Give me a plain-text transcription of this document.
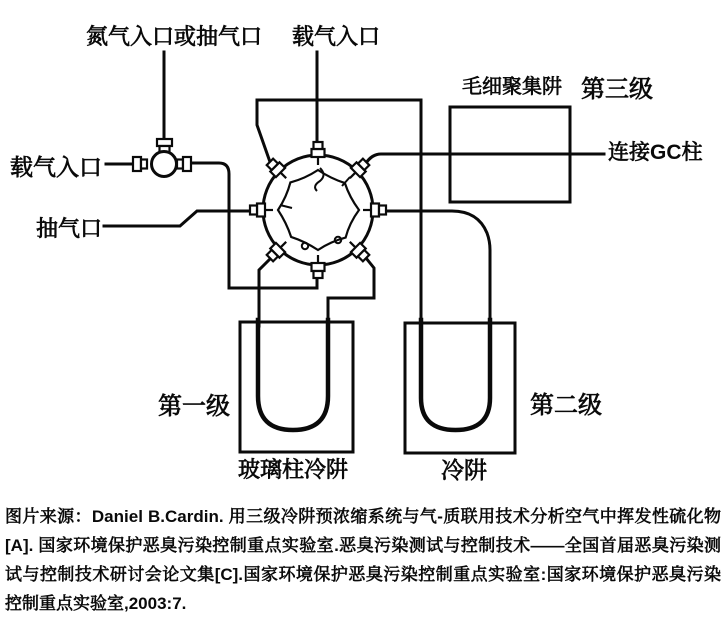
氮气入口或抽气口 载气入口
载气入口
抽气口
毛细聚集阱 第三级
连接GC柱
第一级	第二级
玻璃柱冷阱	冷阱
图片来源：Daniel B.Cardin. 用三级冷阱预浓缩系统与气-质联用技术分析空气中挥发性硫化物
[A]. 国家环境保护恶臭污染控制重点实验室.恶臭污染测试与控制技术——全国首届恶臭污染测
试与控制技术研讨会论文集[C].国家环境保护恶臭污染控制重点实验室:国家环境保护恶臭污染
控制重点实验室,2003:7.
